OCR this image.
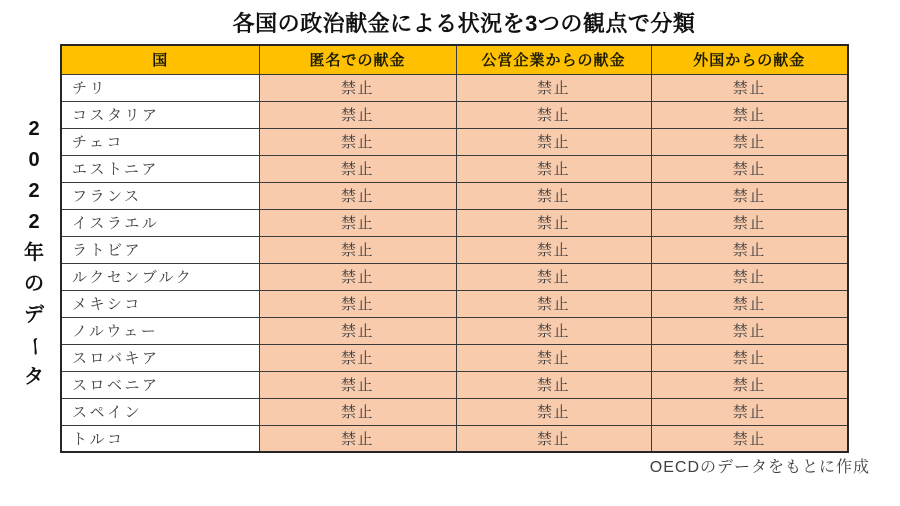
各国の政治献金による状況を3つの観点で分類
2
0
2
2
年
の
デ
ー
タ
国	匿名での献金	公営企業からの献金	外国からの献金
チリ	禁止	禁止	禁止
コスタリア	禁止	禁止	禁止
チェコ	禁止	禁止	禁止
エストニア	禁止	禁止	禁止
フランス	禁止	禁止	禁止
イスラエル	禁止	禁止	禁止
ラトビア	禁止	禁止	禁止
ルクセンブルク	禁止	禁止	禁止
メキシコ	禁止	禁止	禁止
ノルウェー	禁止	禁止	禁止
スロバキア	禁止	禁止	禁止
スロベニア	禁止	禁止	禁止
スペイン	禁止	禁止	禁止
トルコ	禁止	禁止	禁止
OECDのデータをもとに作成
